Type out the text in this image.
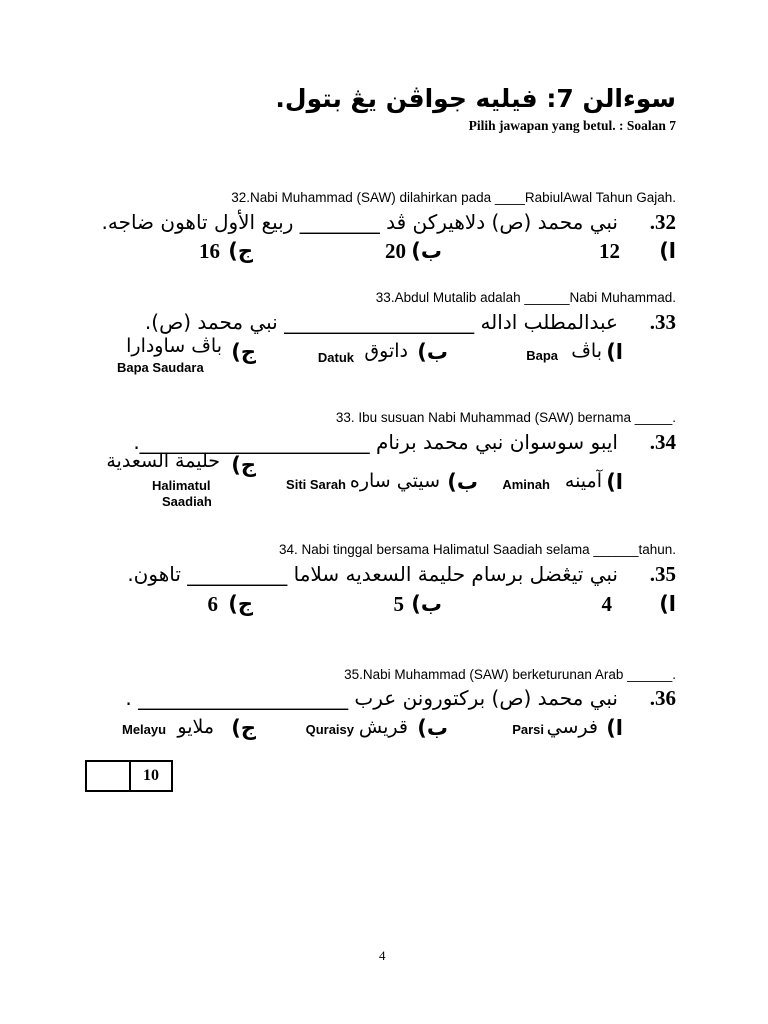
سوءالن 7: فيليه جواڤن يڠ بتول.
Pilih jawapan yang betul. : Soalan 7
32.Nabi Muhammad (SAW) dilahirkan pada ____RabiulAwal Tahun Gajah.
.32
نبي محمد (ص) دلاهيركن ڤد ________ ربيع الأول تاهون ضاجه.
12 ا)
20 ب)
16 ج)
33.Abdul Mutalib adalah ______Nabi Muhammad.
.33
عبدالمطلب اداله ___________________ نبي محمد (ص).
ا)
باڤ
Bapa
ب)
داتوق
Datuk
ج)
باڤ ساودارا
Bapa Saudara
33. Ibu susuan Nabi Muhammad (SAW) bernama _____.
.34
ايبو سوسوان نبي محمد برنام _______________________.
ا)
آمينه
Aminah
ب)
سيتي ساره
Siti Sarah
ج)
حليمة السعدية
Halimatul
Saadiah
34. Nabi tinggal bersama Halimatul Saadiah selama ______tahun.
.35
نبي تيڠضل برسام حليمة السعديه سلاما __________ تاهون.
4 ا)
5 ب)
6 ج)
35.Nabi Muhammad (SAW) berketurunan Arab ______.
.36
نبي محمد (ص) بركتورونن عرب _____________________ .
ا)
فرسي
Parsi
ب)
قريش
Quraisy
ج)
ملايو
Melayu
10
4
